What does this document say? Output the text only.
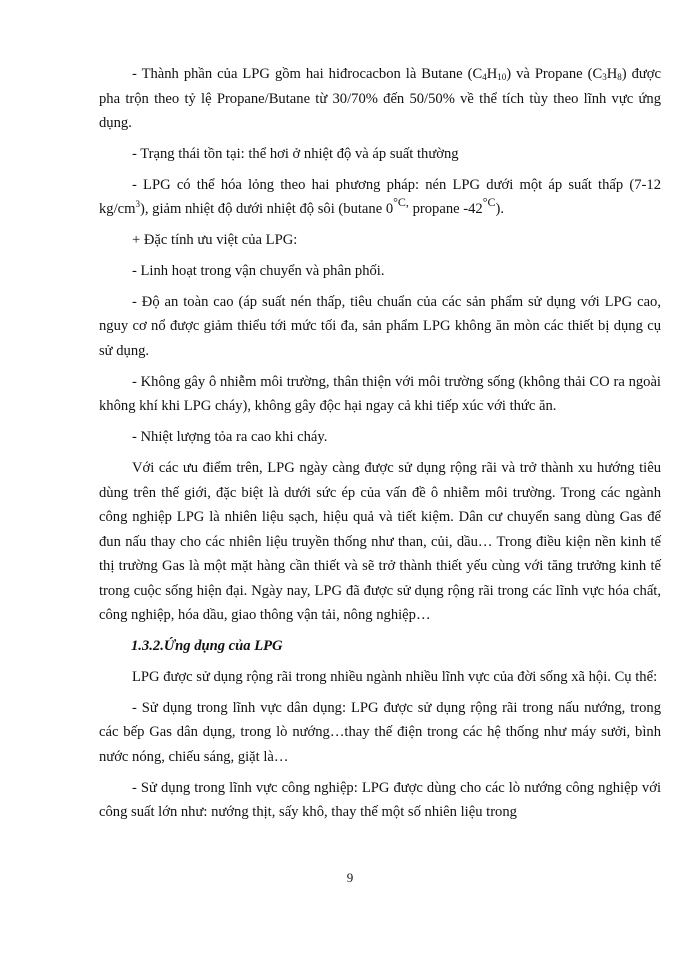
- Thành phần của LPG gồm hai hiđrocacbon là Butane $(C_4H_{10})$ và Propane $(C_3H_8)$ được pha trộn theo tỷ lệ Propane/Butane từ 30/70% đến 50/50% về thể tích tùy theo lĩnh vực ứng dụng.

- Trạng thái tồn tại: thể hơi ở nhiệt độ và áp suất thường

- LPG có thể hóa lỏng theo hai phương pháp: nén LPG dưới một áp suất thấp (7-12 $kg/cm^3$), giảm nhiệt độ dưới nhiệt độ sôi (butane $0^{^\circ C,}$ propane $-42^{^\circ C}$).

+ Đặc tính ưu việt của LPG:

- Linh hoạt trong vận chuyển và phân phối.

- Độ an toàn cao (áp suất nén thấp, tiêu chuẩn của các sản phẩm sử dụng với LPG cao, nguy cơ nổ được giảm thiểu tới mức tối đa, sản phẩm LPG không ăn mòn các thiết bị dụng cụ sử dụng.

- Không gây ô nhiễm môi trường, thân thiện với môi trường sống (không thải CO ra ngoài không khí khi LPG cháy), không gây độc hại ngay cả khi tiếp xúc với thức ăn.

- Nhiệt lượng tỏa ra cao khi cháy.

Với các ưu điểm trên, LPG ngày càng được sử dụng rộng rãi và trở thành xu hướng tiêu dùng trên thế giới, đặc biệt là dưới sức ép của vấn đề ô nhiễm môi trường. Trong các ngành công nghiệp LPG là nhiên liệu sạch, hiệu quả và tiết kiệm. Dân cư chuyển sang dùng Gas để đun nấu thay cho các nhiên liệu truyền thống như than, củi, dầu… Trong điều kiện nền kinh tế thị trường Gas là một mặt hàng cần thiết và sẽ trở thành thiết yếu cùng với tăng trưởng kinh tế trong cuộc sống hiện đại. Ngày nay, LPG đã được sử dụng rộng rãi trong các lĩnh vực hóa chất, công nghiệp, hóa dầu, giao thông vận tải, nông nghiệp…

1.3.2.Ứng dụng của LPG

LPG được sử dụng rộng rãi trong nhiều ngành nhiều lĩnh vực của đời sống xã hội. Cụ thể:

- Sử dụng trong lĩnh vực dân dụng: LPG được sử dụng rộng rãi trong nấu nướng, trong các bếp Gas dân dụng, trong lò nướng…thay thế điện trong các hệ thống như máy sưởi, bình nước nóng, chiếu sáng, giặt là…

- Sử dụng trong lĩnh vực công nghiệp: LPG được dùng cho các lò nướng công nghiệp với công suất lớn như: nướng thịt, sấy khô, thay thế một số nhiên liệu trong

9
